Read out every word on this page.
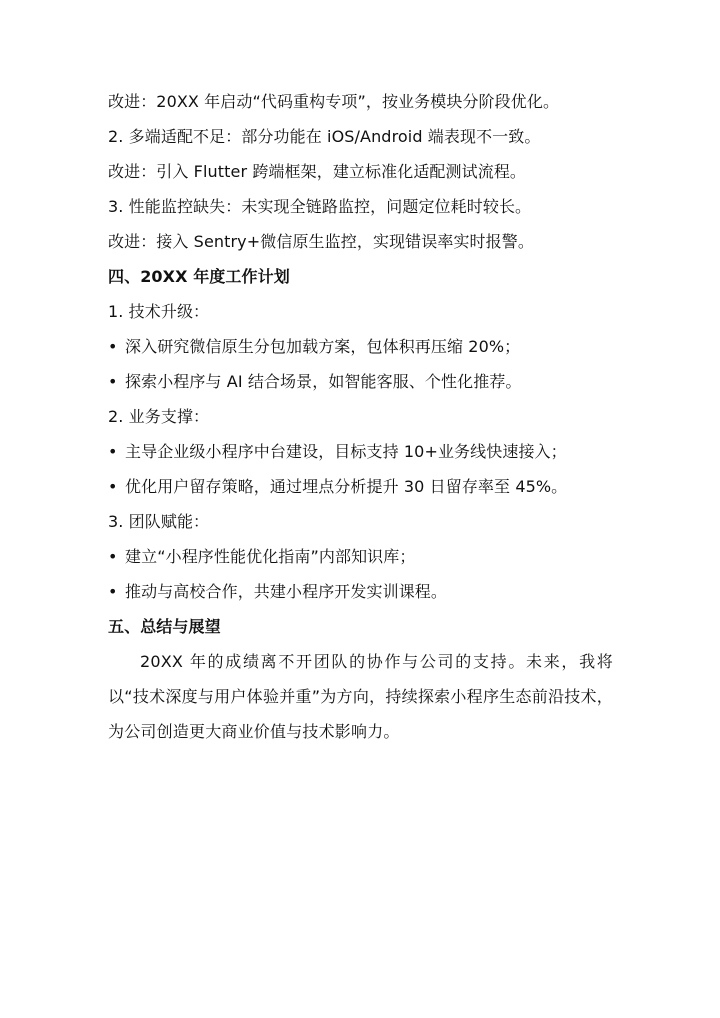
改进：20XX 年启动“代码重构专项”，按业务模块分阶段优化。
2. 多端适配不足：部分功能在 iOS/Android 端表现不一致。
改进：引入 Flutter 跨端框架，建立标准化适配测试流程。
3. 性能监控缺失：未实现全链路监控，问题定位耗时较长。
改进：接入 Sentry+微信原生监控，实现错误率实时报警。
四、20XX 年度工作计划
1. 技术升级：
• 深入研究微信原生分包加载方案，包体积再压缩 20%；
• 探索小程序与 AI 结合场景，如智能客服、个性化推荐。
2. 业务支撑：
• 主导企业级小程序中台建设，目标支持 10+业务线快速接入；
• 优化用户留存策略，通过埋点分析提升 30 日留存率至 45%。
3. 团队赋能：
• 建立“小程序性能优化指南”内部知识库；
• 推动与高校合作，共建小程序开发实训课程。
五、总结与展望
20XX 年的成绩离不开团队的协作与公司的支持。未来，我将以“技术深度与用户体验并重”为方向，持续探索小程序生态前沿技术，为公司创造更大商业价值与技术影响力。
